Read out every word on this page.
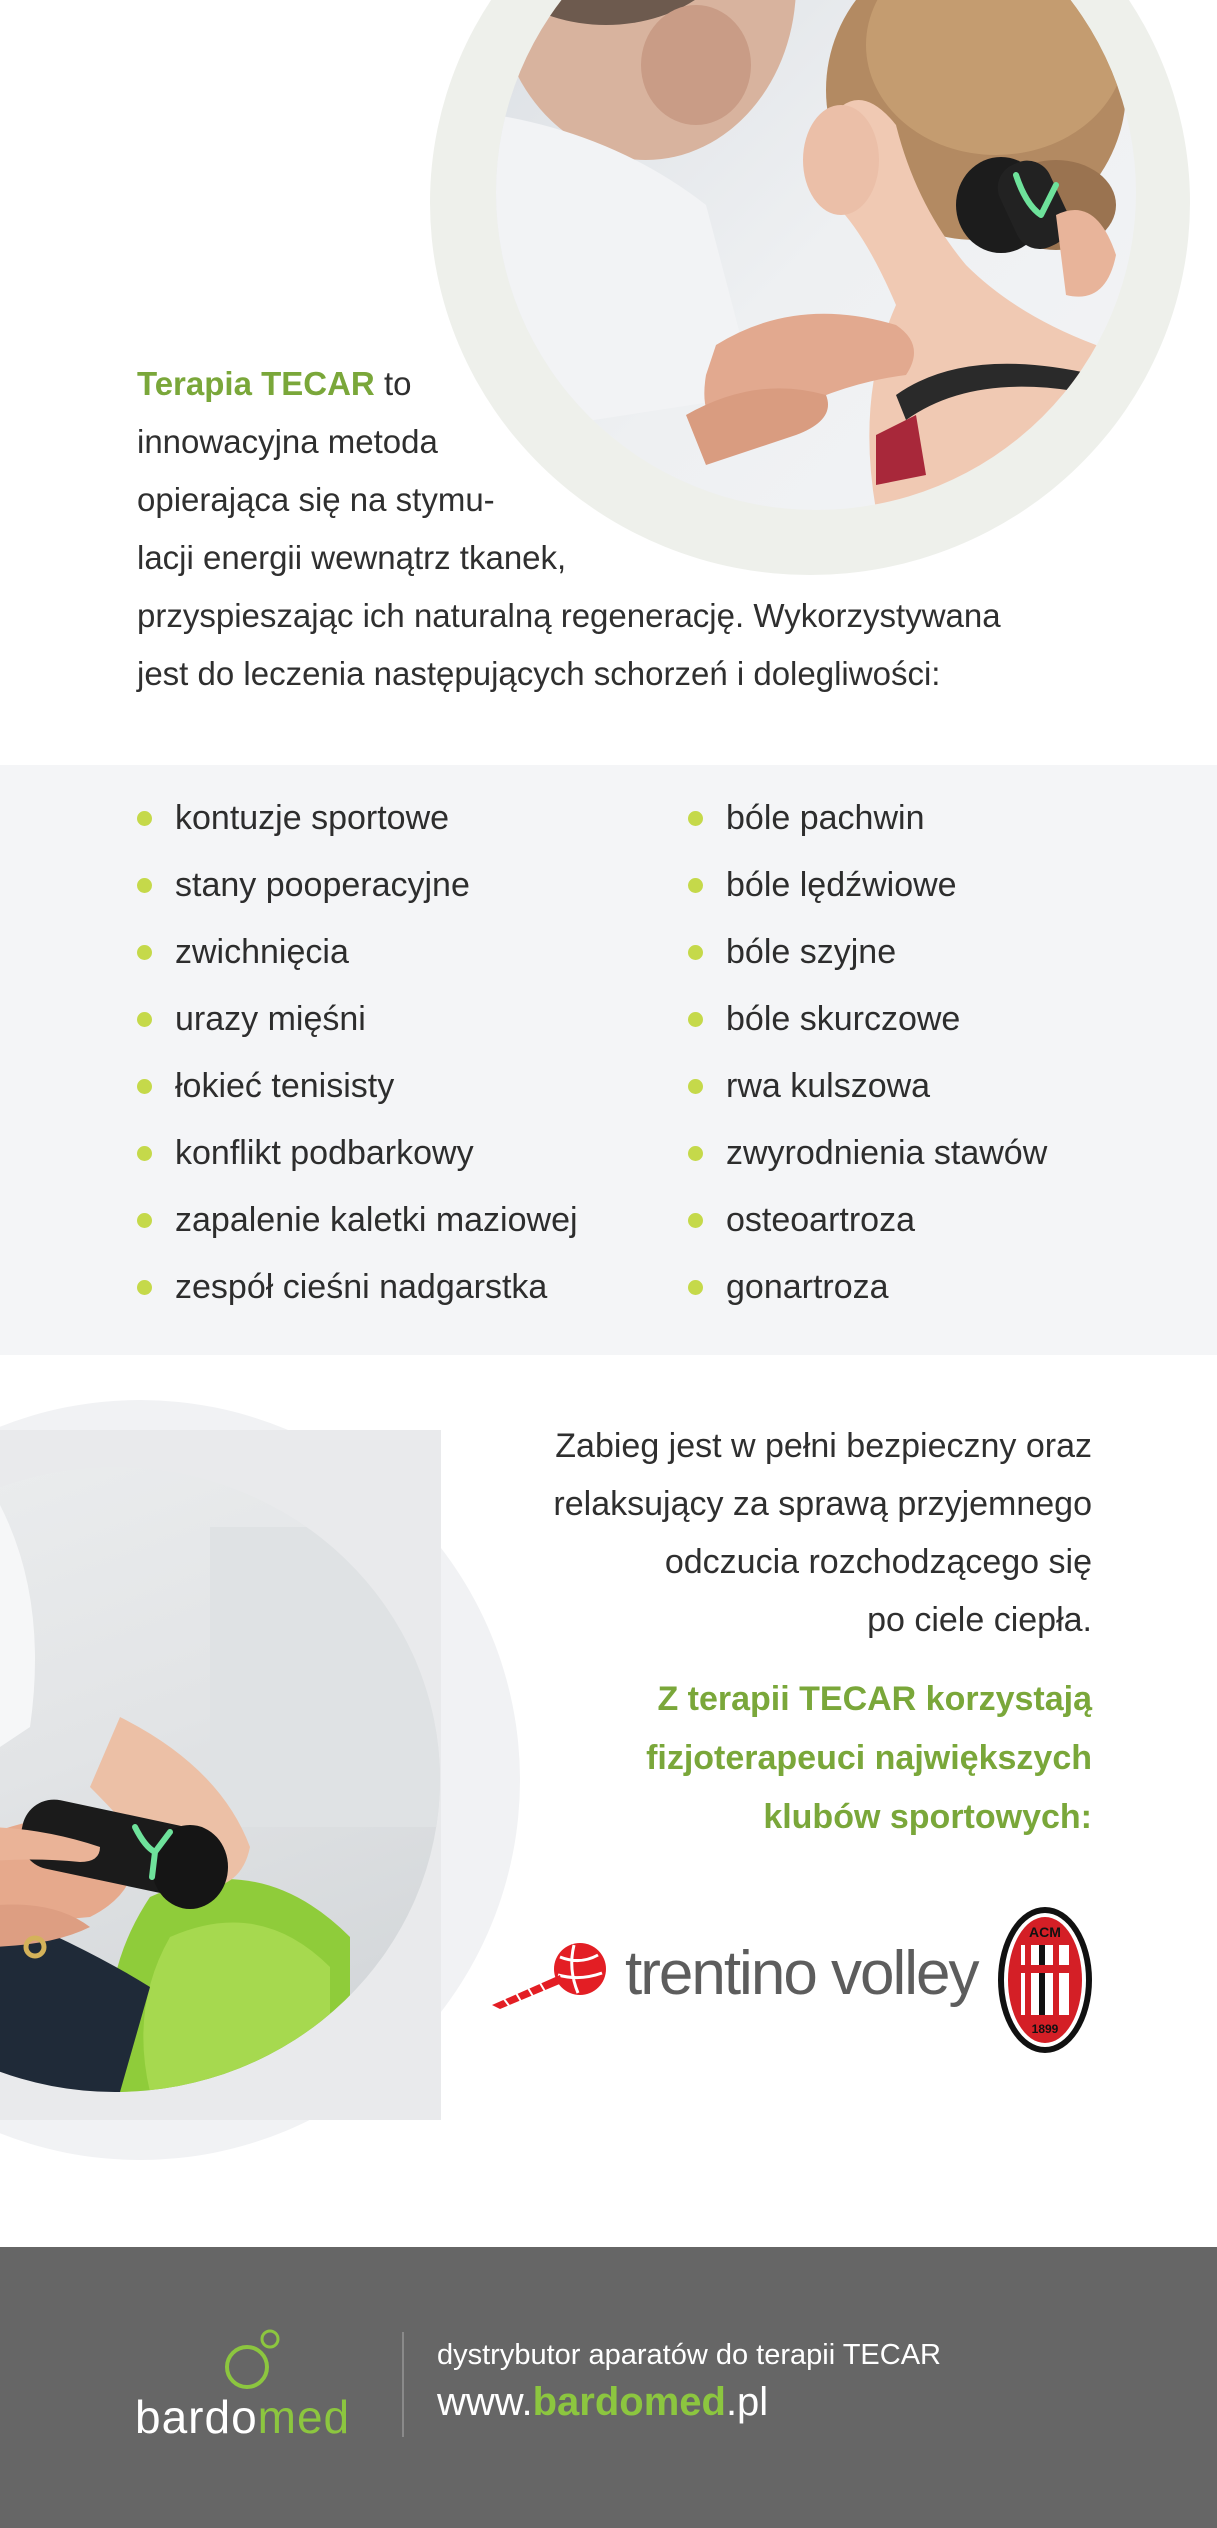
Terapia TECAR to
innowacyjna metoda
opierająca się na stymu-
lacji energii wewnątrz tkanek,
przyspieszając ich naturalną regenerację. Wykorzystywana
jest do leczenia następujących schorzeń i dolegliwości:
kontuzje sportowe
stany pooperacyjne
zwichnięcia
urazy mięśni
łokieć tenisisty
konflikt podbarkowy
zapalenie kaletki maziowej
zespół cieśni nadgarstka
bóle pachwin
bóle lędźwiowe
bóle szyjne
bóle skurczowe
rwa kulszowa
zwyrodnienia stawów
osteoartroza
gonartroza
Zabieg jest w pełni bezpieczny oraz
relaksujący za sprawą przyjemnego
odczucia rozchodzącego się
po ciele ciepła.
Z terapii TECAR korzystają
fizjoterapeuci największych
klubów sportowych:
trentino volley
ACM
1899
bardomed
dystrybutor aparatów do terapii TECAR
www.bardomed.pl
